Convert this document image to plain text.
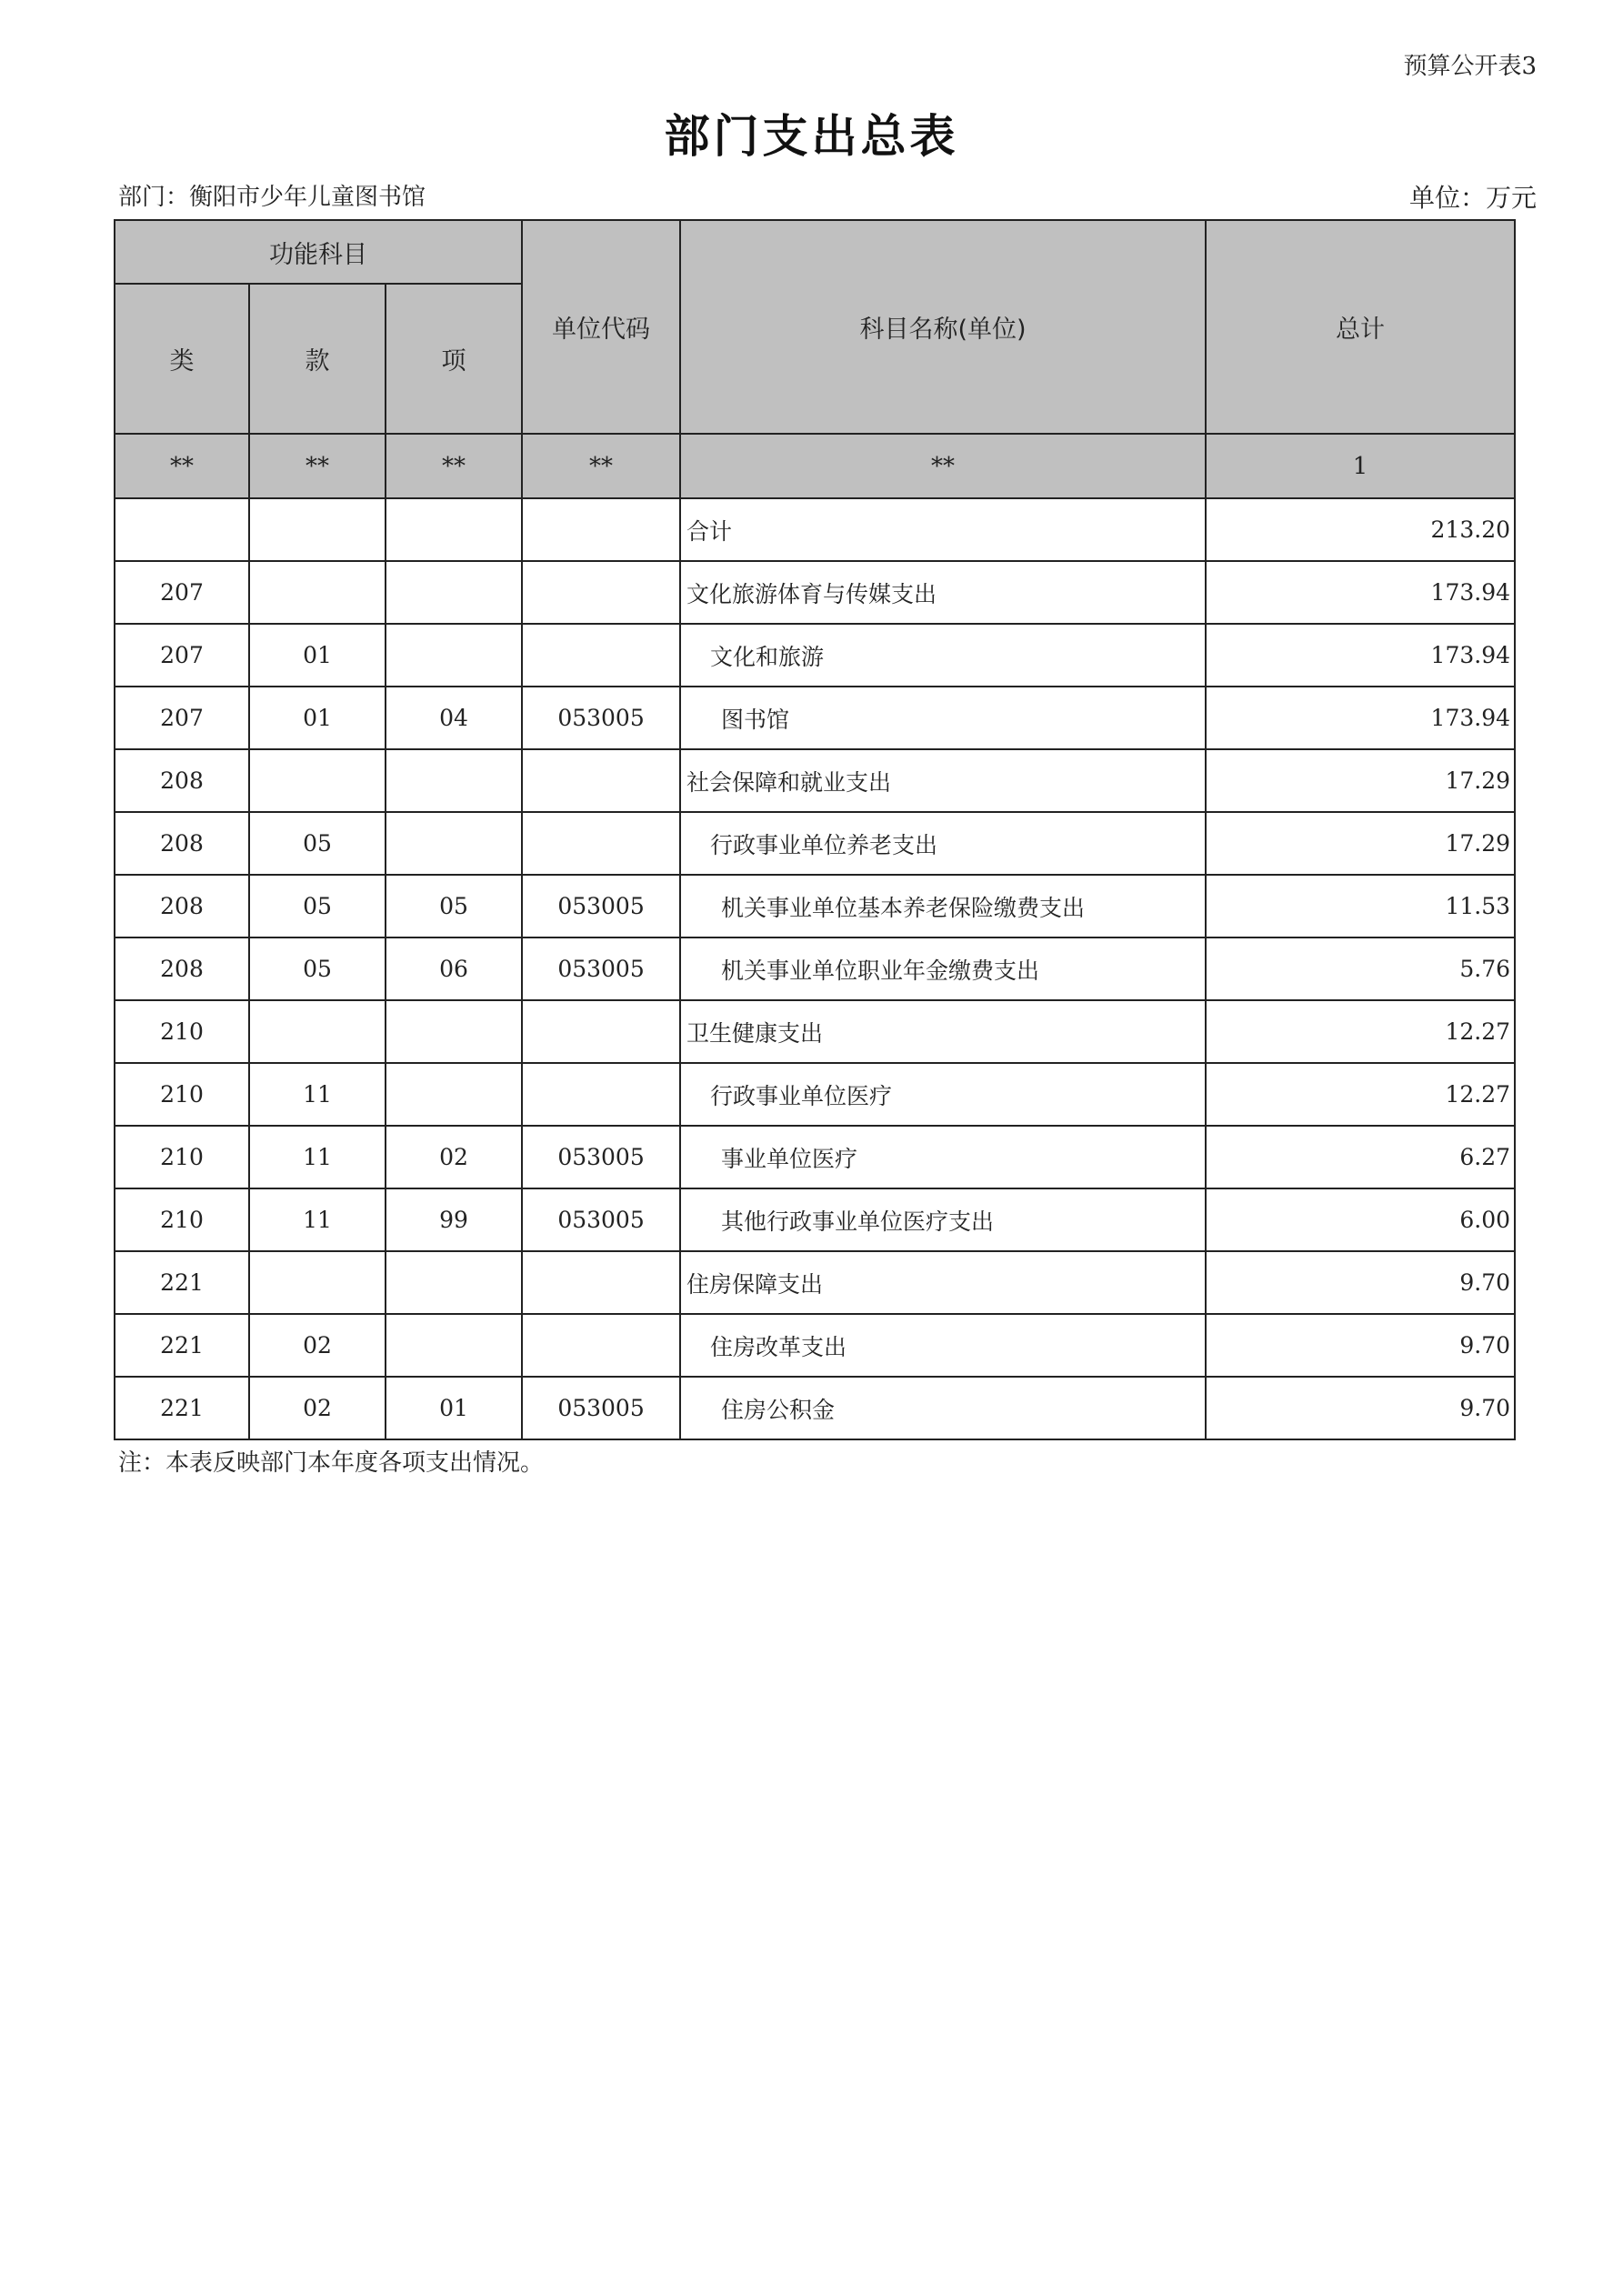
预算公开表3
部门支出总表
部门：衡阳市少年儿童图书馆	单位：万元
功能科目			单位代码	科目名称(单位)	总计
类	款	项			
**	**	**	**	**	1
				合计	213.20
207				文化旅游体育与传媒支出	173.94
207	01			文化和旅游	173.94
207	01	04	053005	图书馆	173.94
208				社会保障和就业支出	17.29
208	05			行政事业单位养老支出	17.29
208	05	05	053005	机关事业单位基本养老保险缴费支出	11.53
208	05	06	053005	机关事业单位职业年金缴费支出	5.76
210				卫生健康支出	12.27
210	11			行政事业单位医疗	12.27
210	11	02	053005	事业单位医疗	6.27
210	11	99	053005	其他行政事业单位医疗支出	6.00
221				住房保障支出	9.70
221	02			住房改革支出	9.70
221	02	01	053005	住房公积金	9.70
注：本表反映部门本年度各项支出情况。
